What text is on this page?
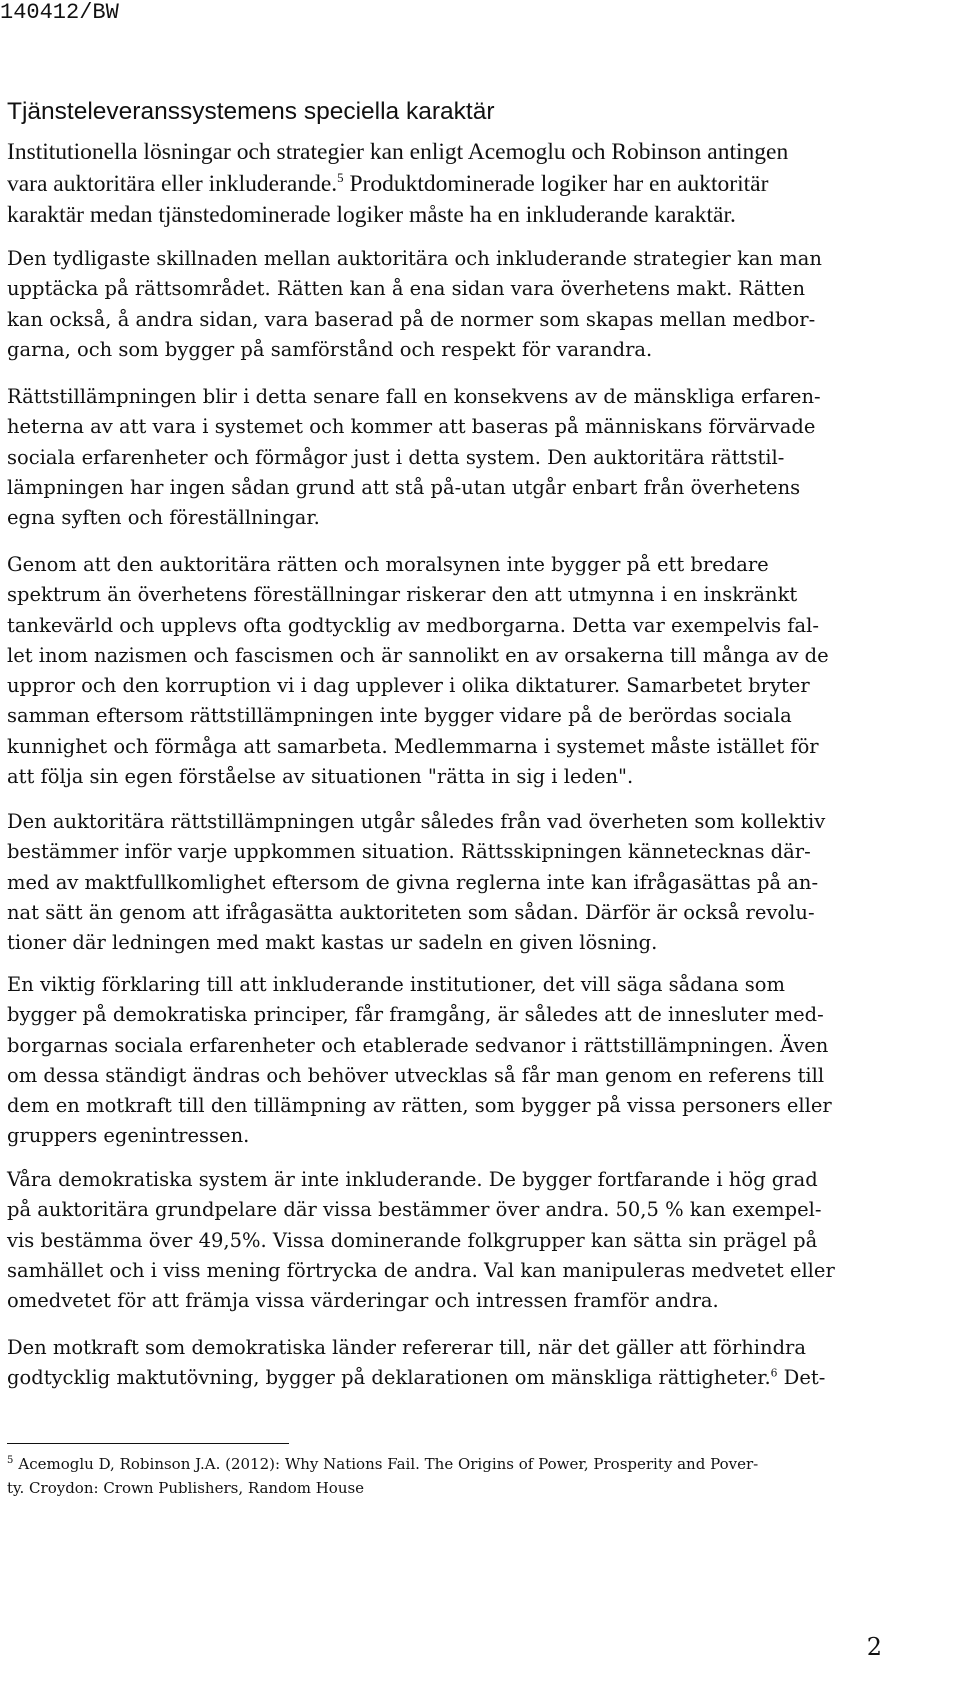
140412/BW
Tjänsteleveranssystemens speciella karaktär

Institutionella lösningar och strategier kan enligt Acemoglu och Robinson antingen
vara auktoritära eller inkluderande.$^5$ Produktdominerade logiker har en auktoritär
karaktär medan tjänstedominerade logiker måste ha en inkluderande karaktär.

Den tydligaste skillnaden mellan auktoritära och inkluderande strategier kan man
upptäcka på rättsområdet. Rätten kan å ena sidan vara överhetens makt. Rätten
kan också, å andra sidan, vara baserad på de normer som skapas mellan medbor-
garna, och som bygger på samförstånd och respekt för varandra.

Rättstillämpningen blir i detta senare fall en konsekvens av de mänskliga erfaren-
heterna av att vara i systemet och kommer att baseras på människans förvärvade
sociala erfarenheter och förmågor just i detta system. Den auktoritära rättstil-
lämpningen har ingen sådan grund att stå på-utan utgår enbart från överhetens
egna syften och föreställningar.

Genom att den auktoritära rätten och moralsynen inte bygger på ett bredare
spektrum än överhetens föreställningar riskerar den att utmynna i en inskränkt
tankevärld och upplevs ofta godtycklig av medborgarna. Detta var exempelvis fal-
let inom nazismen och fascismen och är sannolikt en av orsakerna till många av de
uppror och den korruption vi i dag upplever i olika diktaturer. Samarbetet bryter
samman eftersom rättstillämpningen inte bygger vidare på de berördas sociala
kunnighet och förmåga att samarbeta. Medlemmarna i systemet måste istället för
att följa sin egen förståelse av situationen "rätta in sig i leden".

Den auktoritära rättstillämpningen utgår således från vad överheten som kollektiv
bestämmer inför varje uppkommen situation. Rättsskipningen kännetecknas där-
med av maktfullkomlighet eftersom de givna reglerna inte kan ifrågasättas på an-
nat sätt än genom att ifrågasätta auktoriteten som sådan. Därför är också revolu-
tioner där ledningen med makt kastas ur sadeln en given lösning.

En viktig förklaring till att inkluderande institutioner, det vill säga sådana som
bygger på demokratiska principer, får framgång, är således att de innesluter med-
borgarnas sociala erfarenheter och etablerade sedvanor i rättstillämpningen. Även
om dessa ständigt ändras och behöver utvecklas så får man genom en referens till
dem en motkraft till den tillämpning av rätten, som bygger på vissa personers eller
gruppers egenintressen.

Våra demokratiska system är inte inkluderande. De bygger fortfarande i hög grad
på auktoritära grundpelare där vissa bestämmer över andra. 50,5 % kan exempel-
vis bestämma över 49,5%. Vissa dominerande folkgrupper kan sätta sin prägel på
samhället och i viss mening förtrycka de andra. Val kan manipuleras medvetet eller
omedvetet för att främja vissa värderingar och intressen framför andra.

Den motkraft som demokratiska länder refererar till, när det gäller att förhindra
godtycklig maktutövning, bygger på deklarationen om mänskliga rättigheter.$^6$ Det-

$^5$ Acemoglu D, Robinson J.A. (2012): Why Nations Fail. The Origins of Power, Prosperity and Pover-
ty. Croydon: Crown Publishers, Random House

2
